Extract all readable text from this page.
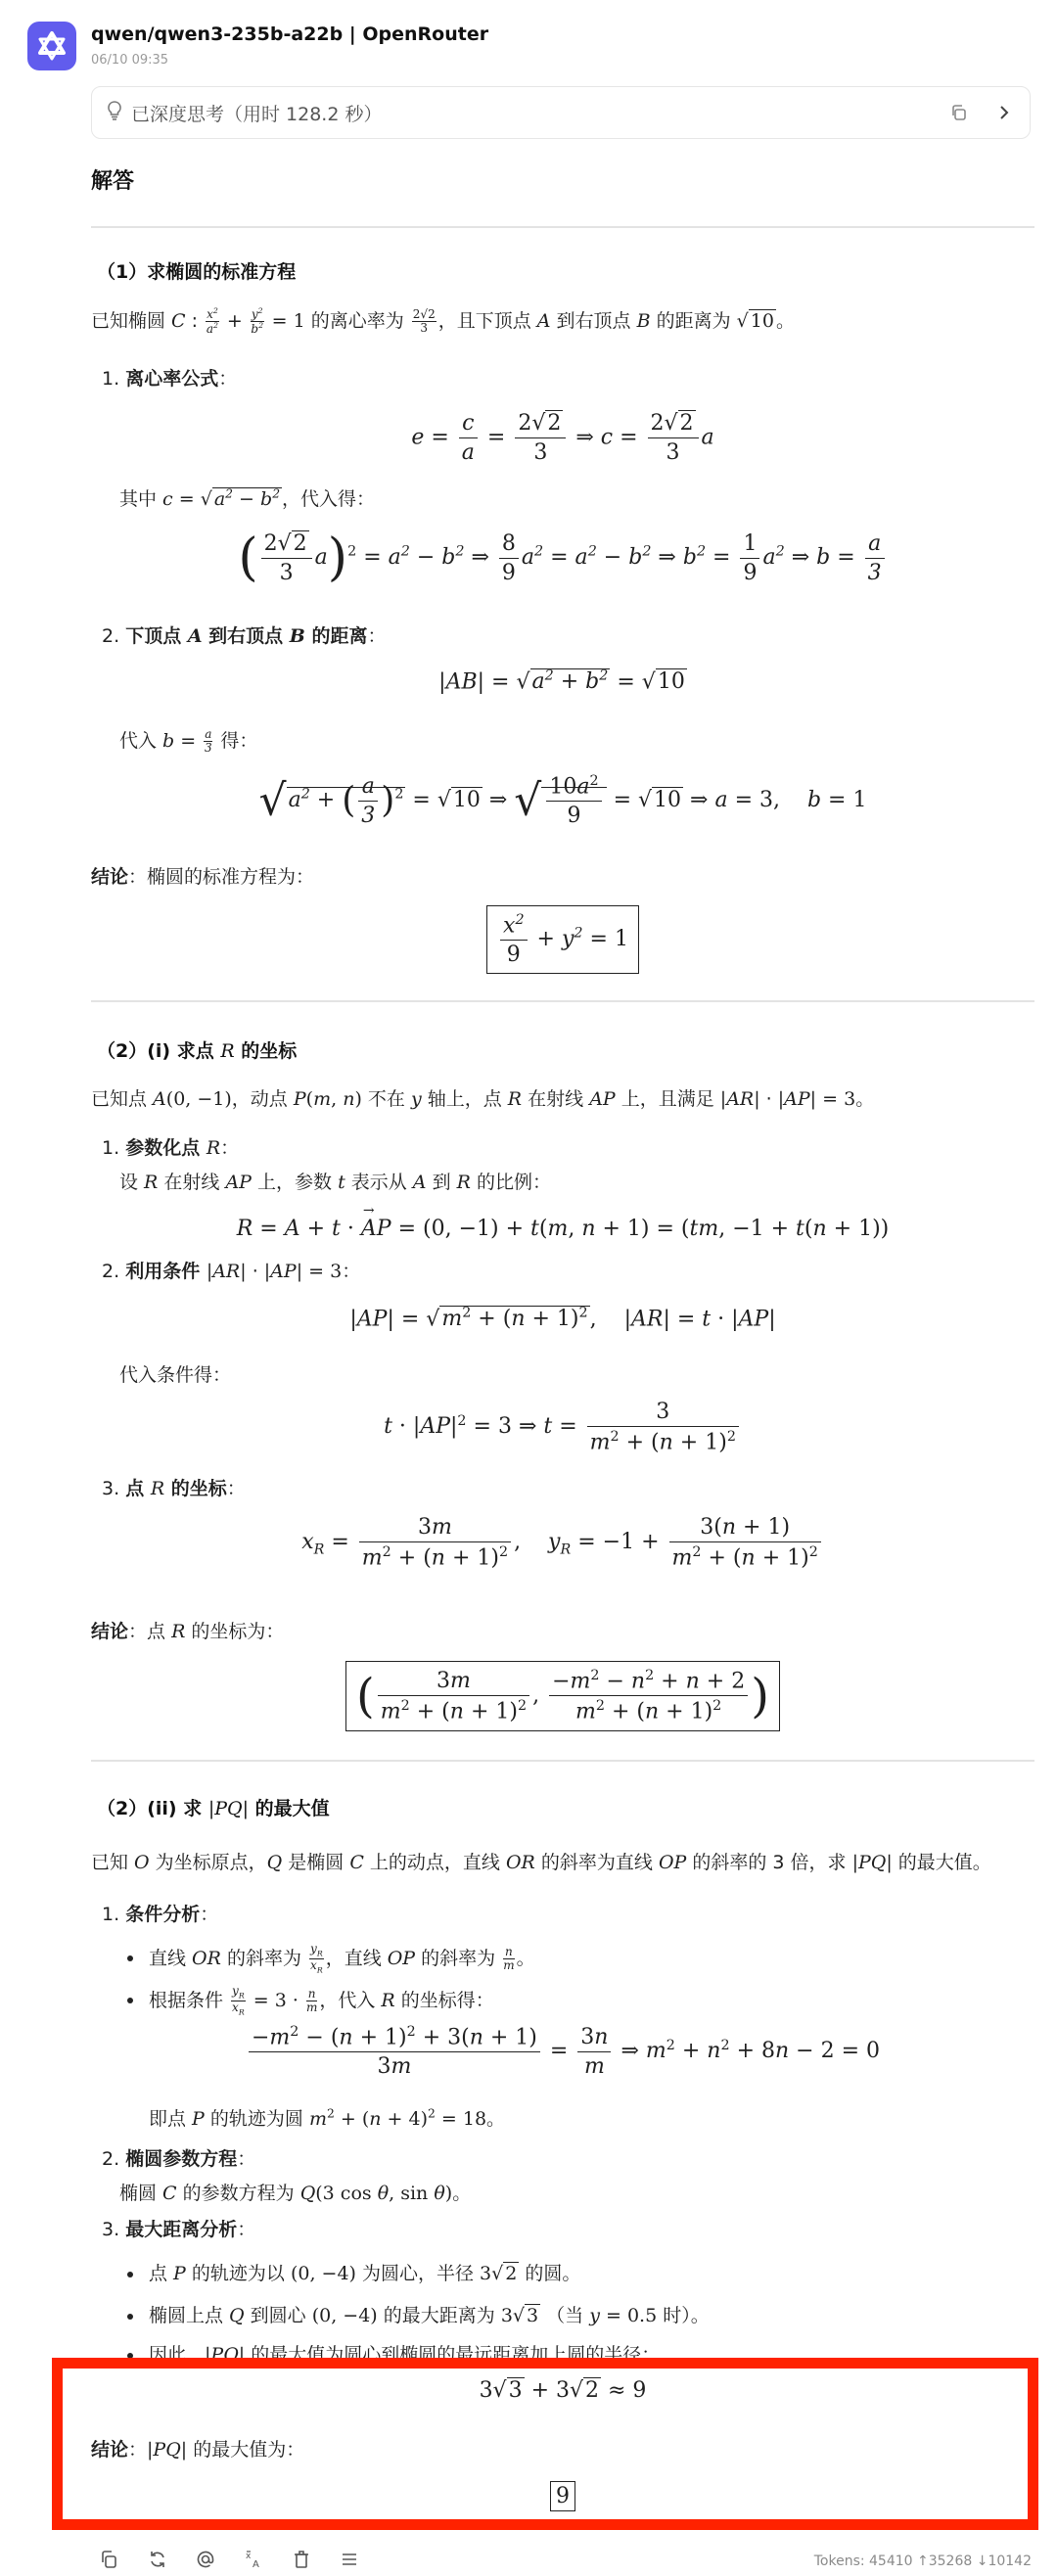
qwen/qwen3-235b-a22b | OpenRouter
06/10 09:35
已深度思考（用时 128.2 秒）
解答
（1）求椭圆的标准方程
已知椭圆 C : $\frac{x^2}{a^2} + \frac{y^2}{b^2} = 1$ 的离心率为 $\frac{2√2}{3}$ ，且下顶点 A 到右顶点 B 的距离为 √ 10 。
1. 离心率公式：
$e = \frac{c}{a} = \frac{2√2}{3}$ ⇒ $c = \frac{2√2}{3}$ a
其中 c = √ $a^2 - b^2$ ，代入得：
( $\frac{2√2}{3} a)^2 = a^2 - b^2$ ⇒ $\frac{8}{9} a^2 = a^2 - b^2$ ⇒ $b^2 = \frac{1}{9} a^2$ ⇒ $b = \frac{a}{3}$
2. 下顶点 A 到右顶点 B 的距离：
$|AB| = √a^2 + b^2 = √10$
代入 $b = \frac{a}{3}$ 得：
$√a^2$ + ( $\frac{a}{3} )^2 = √10$ ⇒ √ $\frac{10a^2}{9} = √10$ ⇒ a = 3,    b = 1
结论：椭圆的标准方程为：
$\frac{x^2}{9} + y^2 = 1$
（2）(i) 求点 R 的坐标
已知点 A(0, −1)，动点 P(m, n) 不在 y 轴上，点 R 在射线 AP 上，且满足 |AR| · |AP| = 3。
1. 参数化点 R：
设 R 在射线 AP 上，参数 t 表示从 A 到 R 的比例：
R = A + t · AP
→
= (0, −1) + t(m, n + 1) = (tm, −1 + t(n + 1))
2. 利用条件 |AR| · |AP| = 3：
$|AP| = √m^2 + (n + 1)^2$,    |AR| = t · |AP|
代入条件得：
$t \cdot |AP|^2 = 3$ ⇒ $t = \frac{3}{m^2 + (n + 1)^2}$
3. 点 R 的坐标：
$x_R = \frac{3m}{m^2 + (n + 1)^2}$ ,    $y_R = -1 + \frac{3(n + 1)}{m^2 + (n + 1)^2}$
结论：点 R 的坐标为：
( $\frac{3m}{m^2 + (n + 1)^2}$ , $\frac{-m^2 - n^2 + n + 2}{m^2 + (n + 1)^2}$ )
（2）(ii) 求 |PQ| 的最大值
已知 O 为坐标原点，Q 是椭圆 C 上的动点，直线 OR 的斜率为直线 OP 的斜率的 3 倍，求 |PQ| 的最大值。
1. 条件分析：
直线 OR 的斜率为 $\frac{y_R}{x_R}$ ，直线 OP 的斜率为 $\frac{n}{m}$ 。
根据条件 $\frac{y_R}{x_R} = 3 \cdot \frac{n}{m}$ ，代入 R 的坐标得：
$\frac{-m^2 - (n + 1)^2 + 3(n + 1)}{3m} = \frac{3n}{m}$ ⇒ $m^2 + n^2 + 8n - 2 = 0$
即点 P 的轨迹为圆 $m^2 + (n + 4)^2 = 18$。
2. 椭圆参数方程：
椭圆 C 的参数方程为 Q(3 cos θ, sin θ)。
3. 最大距离分析：
点 P 的轨迹为以 (0, −4) 为圆心，半径 3√ 2 的圆。
椭圆上点 Q 到圆心 (0, −4) 的最大距离为 3√ 3 （当 y = 0.5 时）。
因此，|PQ| 的最大值为圆心到椭圆的最远距离加上圆的半径：
3√3 + 3√2 ≈ 9
结论：|PQ| 的最大值为：
9
x
A	Tokens: 45410 ↑35268 ↓10142
